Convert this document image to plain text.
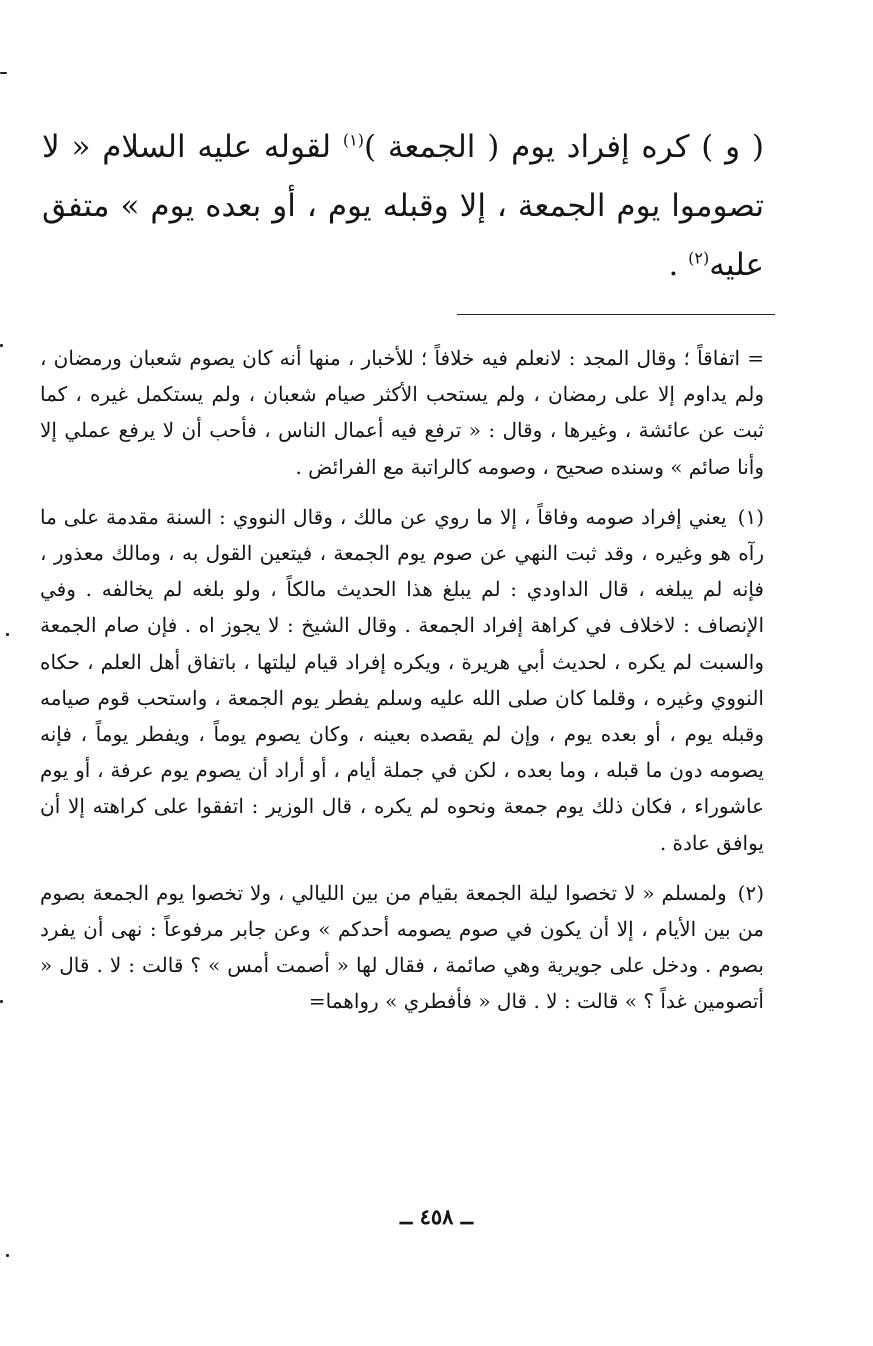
( و ) كره إفراد يوم ( الجمعة )$^{(١)}$ لقوله عليه السلام « لا تصوموا يوم الجمعة ، إلا وقبله يوم ، أو بعده يوم » متفق عليه$^{(٢)}$ .

= اتفاقاً ؛ وقال المجد : لانعلم فيه خلافاً ؛ للأخبار ، منها أنه كان يصوم شعبان ورمضان ، ولم يداوم إلا على رمضان ، ولم يستحب الأكثر صيام شعبان ، ولم يستكمل غيره ، كما ثبت عن عائشة ، وغيرها ، وقال : « ترفع فيه أعمال الناس ، فأحب أن لا يرفع عملي إلا وأنا صائم » وسنده صحيح ، وصومه كالراتبة مع الفرائض .

(١) يعني إفراد صومه وفاقاً ، إلا ما روي عن مالك ، وقال النووي : السنة مقدمة على ما رآه هو وغيره ، وقد ثبت النهي عن صوم يوم الجمعة ، فيتعين القول به ، ومالك معذور ، فإنه لم يبلغه ، قال الداودي : لم يبلغ هذا الحديث مالكاً ، ولو بلغه لم يخالفه . وفي الإنصاف : لاخلاف في كراهة إفراد الجمعة . وقال الشيخ : لا يجوز اه . فإن صام الجمعة والسبت لم يكره ، لحديث أبي هريرة ، ويكره إفراد قيام ليلتها ، باتفاق أهل العلم ، حكاه النووي وغيره ، وقلما كان صلى الله عليه وسلم يفطر يوم الجمعة ، واستحب قوم صيامه وقبله يوم ، أو بعده يوم ، وإن لم يقصده بعينه ، وكان يصوم يوماً ، ويفطر يوماً ، فإنه يصومه دون ما قبله ، وما بعده ، لكن في جملة أيام ، أو أراد أن يصوم يوم عرفة ، أو يوم عاشوراء ، فكان ذلك يوم جمعة ونحوه لم يكره ، قال الوزير : اتفقوا على كراهته إلا أن يوافق عادة .

(٢) ولمسلم « لا تخصوا ليلة الجمعة بقيام من بين الليالي ، ولا تخصوا يوم الجمعة بصوم من بين الأيام ، إلا أن يكون في صوم يصومه أحدكم » وعن جابر مرفوعاً : نهى أن يفرد بصوم . ودخل على جويرية وهي صائمة ، فقال لها « أصمت أمس » ؟ قالت : لا . قال « أتصومين غداً ؟ » قالت : لا . قال « فأفطري » رواهما=

ــ ٤٥٨ ــ
